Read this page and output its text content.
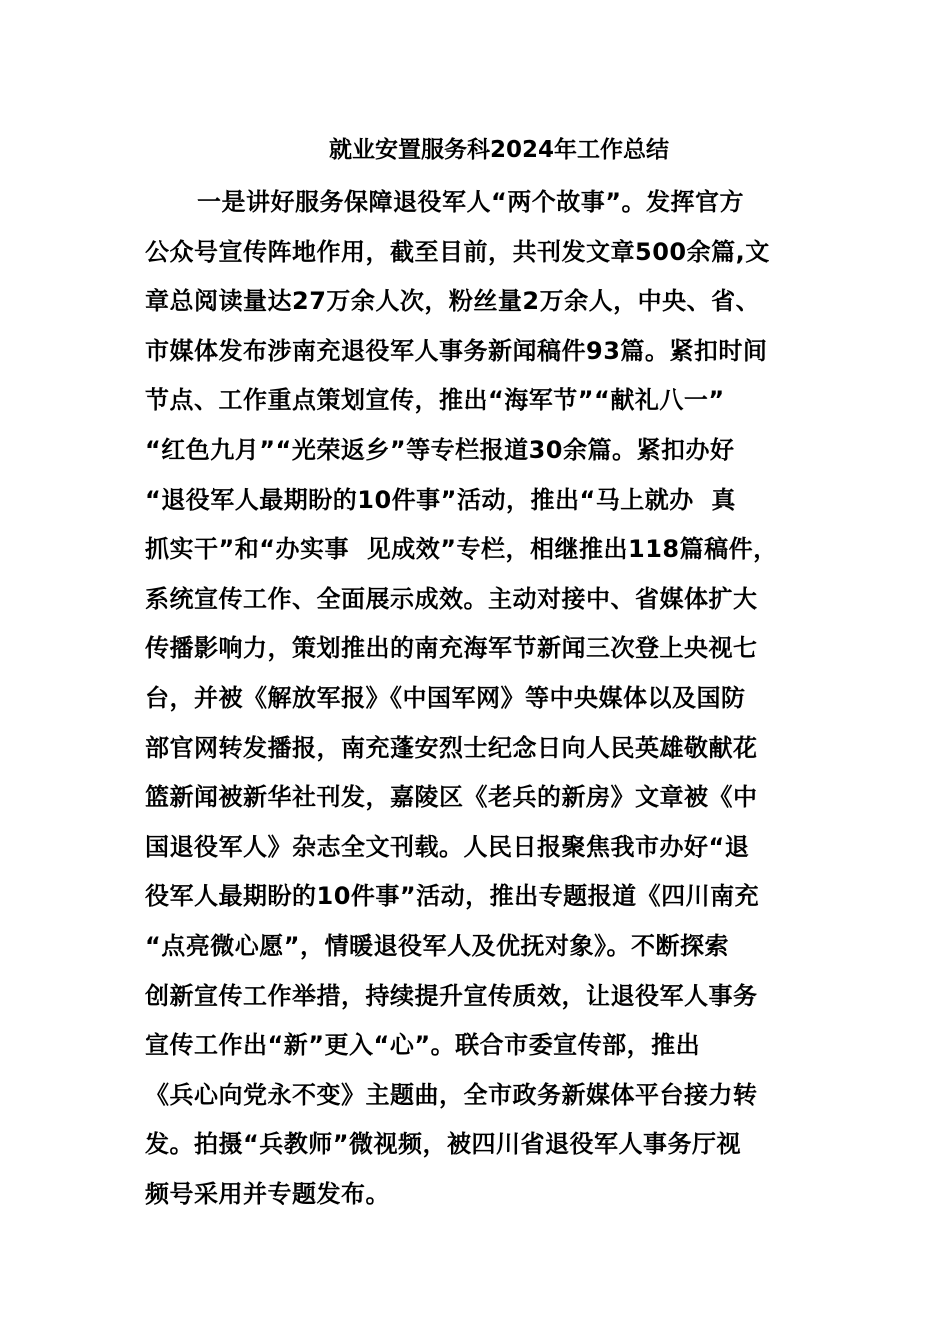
就业安置服务科2024年工作总结
一是讲好服务保障退役军人“两个故事”。发挥官方
公众号宣传阵地作用，截至目前，共刊发文章500余篇,文
章总阅读量达27万余人次，粉丝量2万余人，中央、省、
市媒体发布涉南充退役军人事务新闻稿件93篇。紧扣时间
节点、工作重点策划宣传，推出“海军节”“献礼八一”
“红色九月”“光荣返乡”等专栏报道30余篇。紧扣办好
“退役军人最期盼的10件事”活动，推出“马上就办  真
抓实干”和“办实事  见成效”专栏，相继推出118篇稿件，
系统宣传工作、全面展示成效。主动对接中、省媒体扩大
传播影响力，策划推出的南充海军节新闻三次登上央视七
台，并被《解放军报》《中国军网》等中央媒体以及国防
部官网转发播报，南充蓬安烈士纪念日向人民英雄敬献花
篮新闻被新华社刊发，嘉陵区《老兵的新房》文章被《中
国退役军人》杂志全文刊载。人民日报聚焦我市办好“退
役军人最期盼的10件事”活动，推出专题报道《四川南充
“点亮微心愿”，情暖退役军人及优抚对象》。不断探索
创新宣传工作举措，持续提升宣传质效，让退役军人事务
宣传工作出“新”更入“心”。联合市委宣传部，推出
《兵心向党永不变》主题曲，全市政务新媒体平台接力转
发。拍摄“兵教师”微视频，被四川省退役军人事务厅视
频号采用并专题发布。
